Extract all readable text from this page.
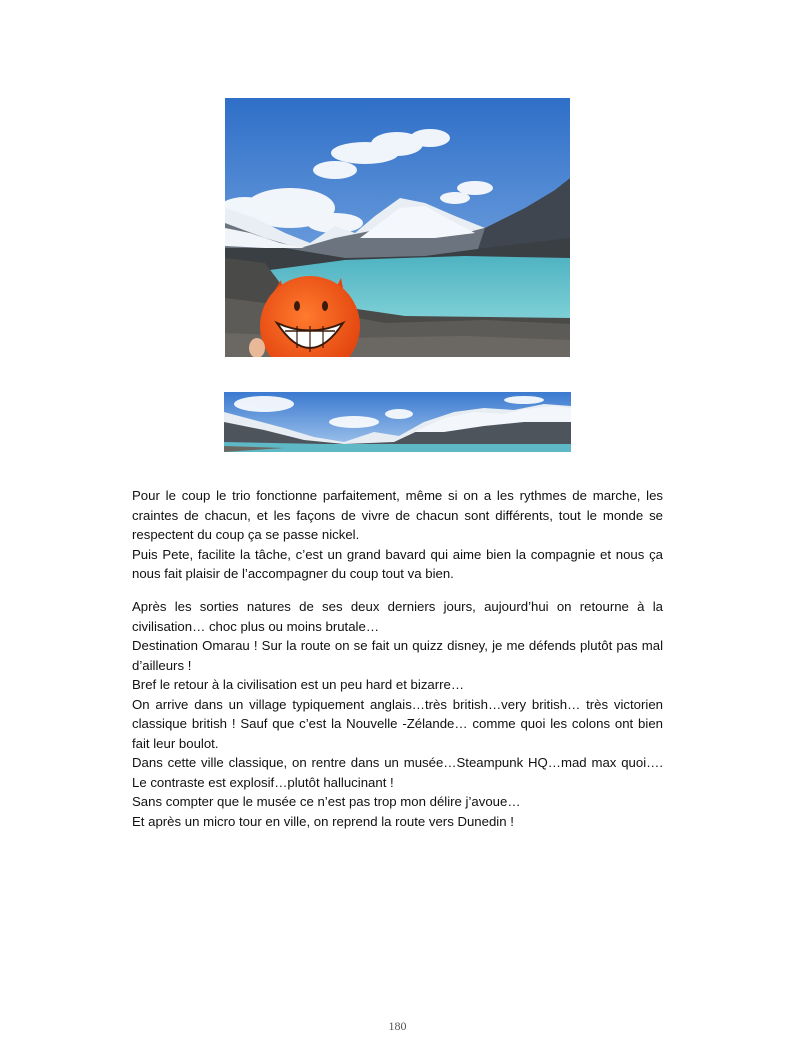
Pour le coup le trio fonctionne parfaitement, même si on a les rythmes de marche, les craintes de chacun, et les façons de vivre de chacun sont différents, tout le monde se respectent du coup ça se passe nickel.

Puis Pete, facilite la tâche, c’est un grand bavard qui aime bien la compagnie et nous ça nous fait plaisir de l’accompagner du coup tout va bien.

Après les sorties natures de ses deux derniers jours, aujourd’hui on retourne à la civilisation… choc plus ou moins brutale…

Destination Omarau ! Sur la route on se fait un quizz disney, je me défends plutôt pas mal d’ailleurs !

Bref le retour à la civilisation est un peu hard et bizarre…

On arrive dans un village typiquement anglais…très british…very british… très victorien classique british ! Sauf que c’est la Nouvelle -Zélande… comme quoi les colons ont bien fait leur boulot.

Dans cette ville classique, on rentre dans un musée…Steampunk HQ…mad max quoi…. Le contraste est explosif…plutôt hallucinant !

Sans compter que le musée ce n’est pas trop mon délire j’avoue…

Et après un micro tour en ville, on reprend la route vers Dunedin !

180
